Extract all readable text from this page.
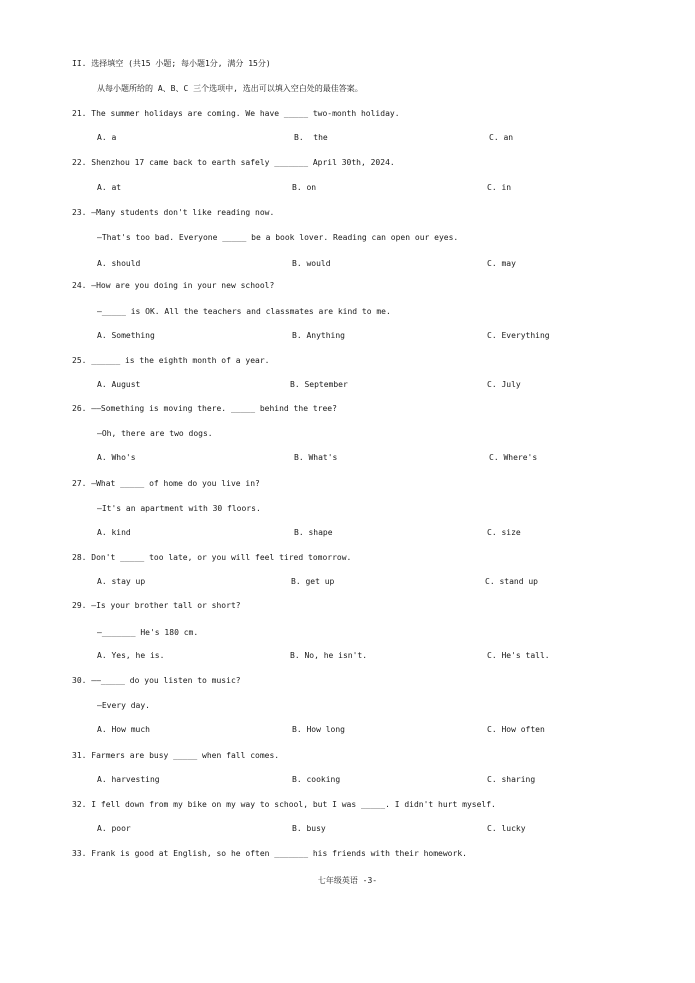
II. 选择填空 (共15 小题; 每小题1分, 满分 15分)
从每小题所给的 A、B、C 三个选项中, 选出可以填入空白处的最佳答案。
21. The summer holidays are coming. We have _____ two-month holiday.
A. a	B.  the	C. an
22. Shenzhou 17 came back to earth safely _______ April 30th, 2024.
A. at	B. on	C. in
23. —Many students don't like reading now.
—That's too bad. Everyone _____ be a book lover. Reading can open our eyes.
A. should	B. would	C. may
24. —How are you doing in your new school?
—_____ is OK. All the teachers and classmates are kind to me.
A. Something	B. Anything	C. Everything
25. ______ is the eighth month of a year.
A. August	B. September	C. July
26. ——Something is moving there. _____ behind the tree?
—Oh, there are two dogs.
A. Who's	B. What's	C. Where's
27. —What _____ of home do you live in?
—It's an apartment with 30 floors.
A. kind	B. shape	C. size
28. Don't _____ too late, or you will feel tired tomorrow.
A. stay up	B. get up	C. stand up
29. —Is your brother tall or short?
—_______ He's 180 cm.
A. Yes, he is.	B. No, he isn't.	C. He's tall.
30. ——_____ do you listen to music?
—Every day.
A. How much	B. How long	C. How often
31. Farmers are busy _____ when fall comes.
A. harvesting	B. cooking	C. sharing
32. I fell down from my bike on my way to school, but I was _____. I didn't hurt myself.
A. poor	B. busy	C. lucky
33. Frank is good at English, so he often _______ his friends with their homework.
七年级英语 -3-
